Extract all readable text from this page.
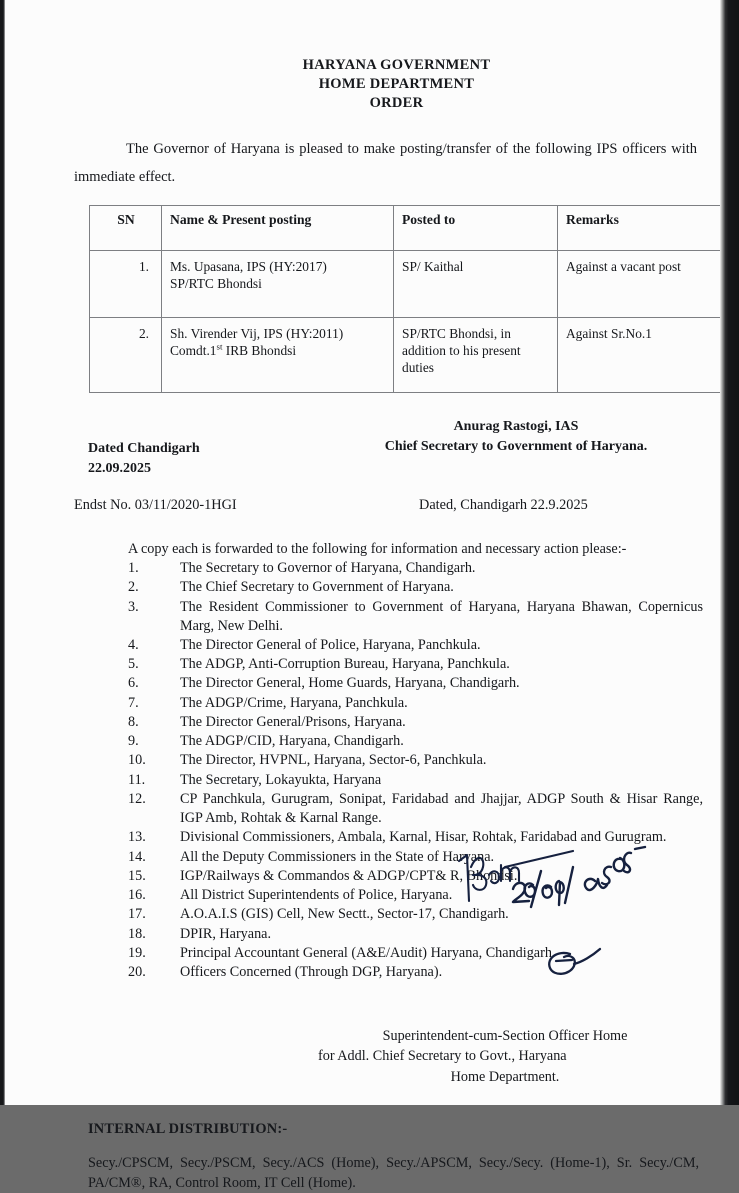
HARYANA GOVERNMENT
HOME DEPARTMENT
ORDER
The Governor of Haryana is pleased to make posting/transfer of the following IPS officers with immediate effect.
SN	Name & Present posting	Posted to	Remarks
1.	Ms. Upasana, IPS (HY:2017)
SP/RTC Bhondsi	SP/ Kaithal	Against a vacant post
2.	Sh. Virender Vij, IPS (HY:2011)
Comdt.1st IRB Bhondsi	SP/RTC Bhondsi, in addition to his present duties	Against Sr.No.1
Anurag Rastogi, IAS
Chief Secretary to Government of Haryana.
Dated Chandigarh
22.09.2025
Endst No. 03/11/2020-1HGI	Dated, Chandigarh 22.9.2025
A copy each is forwarded to the following for information and necessary action please:-
1.	The Secretary to Governor of Haryana, Chandigarh.
2.	The Chief Secretary to Government of Haryana.
3.	The Resident Commissioner to Government of Haryana, Haryana Bhawan, Copernicus Marg, New Delhi.
4.	The Director General of Police, Haryana, Panchkula.
5.	The ADGP, Anti-Corruption Bureau, Haryana, Panchkula.
6.	The Director General, Home Guards, Haryana, Chandigarh.
7.	The ADGP/Crime, Haryana, Panchkula.
8.	The Director General/Prisons, Haryana.
9.	The ADGP/CID, Haryana, Chandigarh.
10.	The Director, HVPNL, Haryana, Sector-6, Panchkula.
11.	The Secretary, Lokayukta, Haryana
12.	CP Panchkula, Gurugram, Sonipat, Faridabad and Jhajjar, ADGP South & Hisar Range, IGP Amb, Rohtak & Karnal Range.
13.	Divisional Commissioners, Ambala, Karnal, Hisar, Rohtak, Faridabad and Gurugram.
14.	All the Deputy Commissioners in the State of Haryana.
15.	IGP/Railways & Commandos & ADGP/CPT& R, Bhondsi.
16.	All District Superintendents of Police, Haryana.
17.	A.O.A.I.S (GIS) Cell, New Sectt., Sector-17, Chandigarh.
18.	DPIR, Haryana.
19.	Principal Accountant General (A&E/Audit) Haryana, Chandigarh.
20.	Officers Concerned (Through DGP, Haryana).
Superintendent-cum-Section Officer Home
for Addl. Chief Secretary to Govt., Haryana
Home Department.
INTERNAL DISTRIBUTION:-
Secy./CPSCM, Secy./PSCM, Secy./ACS (Home), Secy./APSCM, Secy./Secy. (Home-1), Sr. Secy./CM, PA/CM®, RA, Control Room, IT Cell (Home).
